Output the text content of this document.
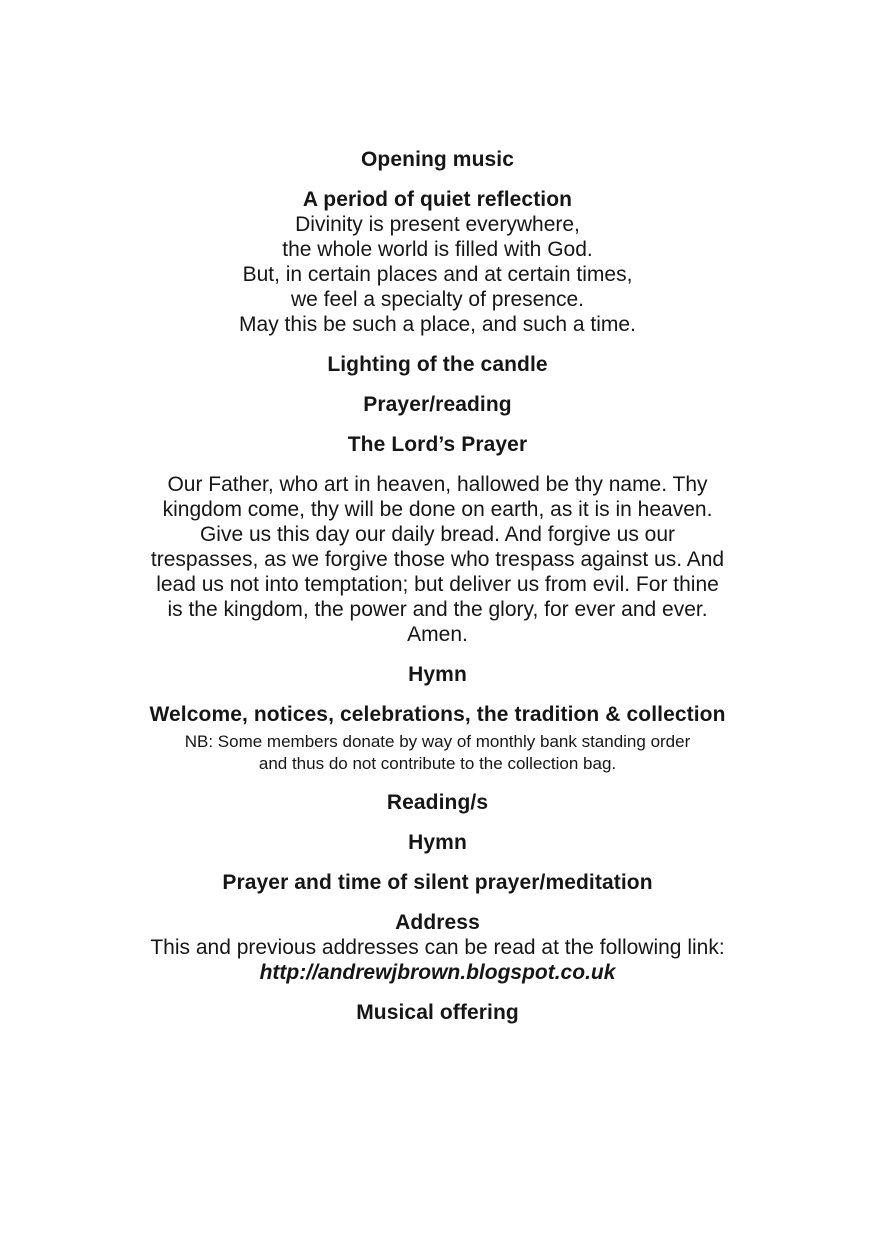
Opening music
A period of quiet reflection
Divinity is present everywhere,
the whole world is filled with God.
But, in certain places and at certain times,
we feel a specialty of presence.
May this be such a place, and such a time.
Lighting of the candle
Prayer/reading
The Lord’s Prayer
Our Father, who art in heaven, hallowed be thy name. Thy
kingdom come, thy will be done on earth, as it is in heaven.
Give us this day our daily bread. And forgive us our
trespasses, as we forgive those who trespass against us. And
lead us not into temptation; but deliver us from evil. For thine
is the kingdom, the power and the glory, for ever and ever.
Amen.
Hymn
Welcome, notices, celebrations, the tradition & collection
NB: Some members donate by way of monthly bank standing order
and thus do not contribute to the collection bag.
Reading/s
Hymn
Prayer and time of silent prayer/meditation
Address
This and previous addresses can be read at the following link:
http://andrewjbrown.blogspot.co.uk
Musical offering
